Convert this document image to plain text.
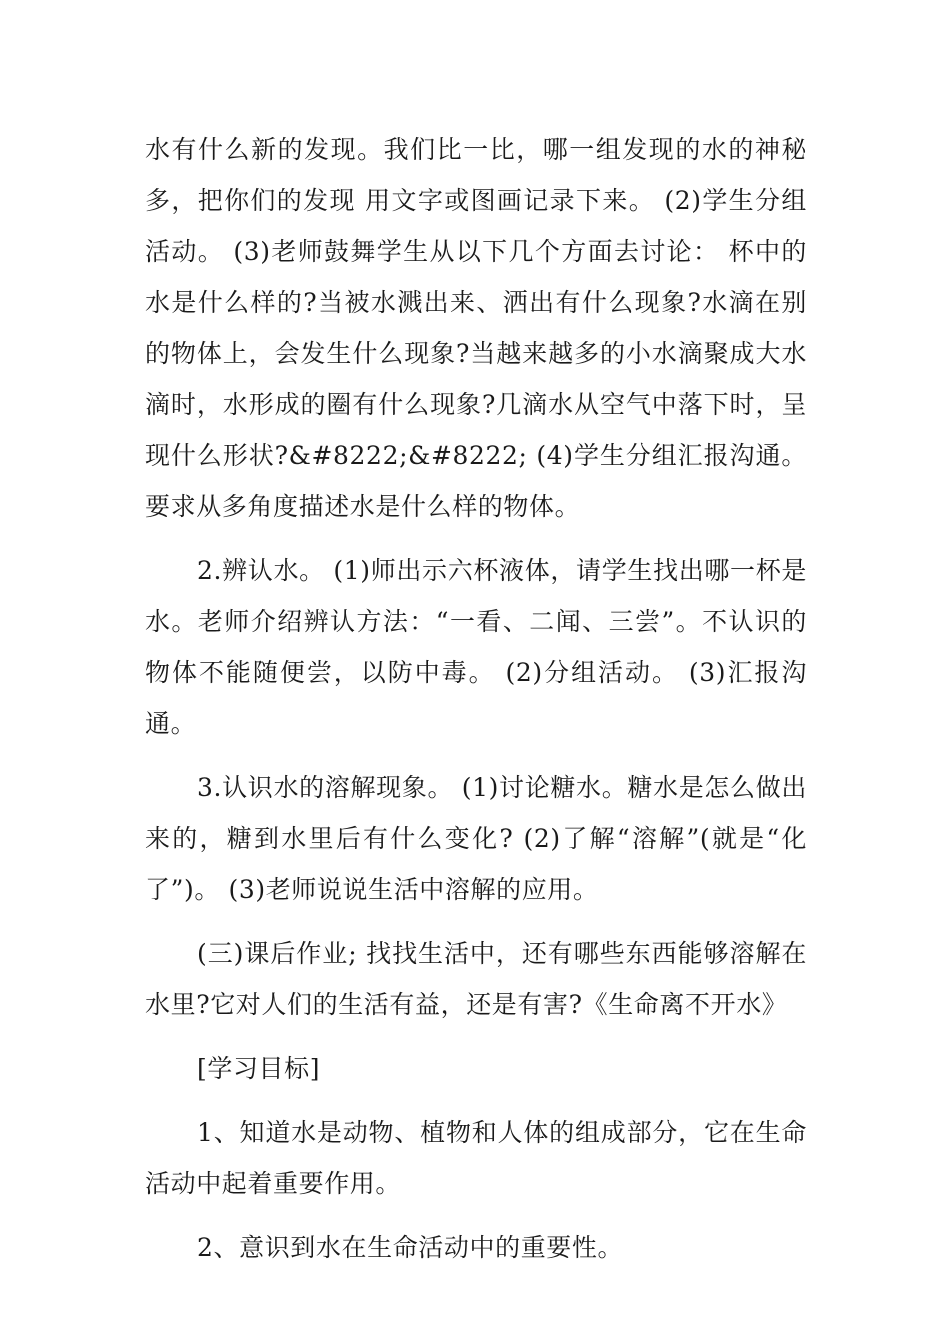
水有什么新的发现。我们比一比，哪一组发现的水的神秘多，把你们的发现 用文字或图画记录下来。 (2)学生分组活动。 (3)老师鼓舞学生从以下几个方面去讨论： 杯中的水是什么样的?当被水溅出来、洒出有什么现象?水滴在别的物体上，会发生什么现象?当越来越多的小水滴聚成大水滴时，水形成的圈有什么现象?几滴水从空气中落下时，呈现什么形状?&#8222;&#8222; (4)学生分组汇报沟通。要求从多角度描述水是什么样的物体。

2.辨认水。 (1)师出示六杯液体，请学生找出哪一杯是水。老师介绍辨认方法：“一看、二闻、三尝”。不认识的物体不能随便尝，以防中毒。 (2)分组活动。 (3)汇报沟通。

3.认识水的溶解现象。 (1)讨论糖水。糖水是怎么做出来的，糖到水里后有什么变化? (2)了解“溶解”(就是“化了”)。 (3)老师说说生活中溶解的应用。

(三)课后作业; 找找生活中，还有哪些东西能够溶解在水里?它对人们的生活有益，还是有害?《生命离不开水》

[学习目标]

1、知道水是动物、植物和人体的组成部分，它在生命活动中起着重要作用。

2、意识到水在生命活动中的重要性。
